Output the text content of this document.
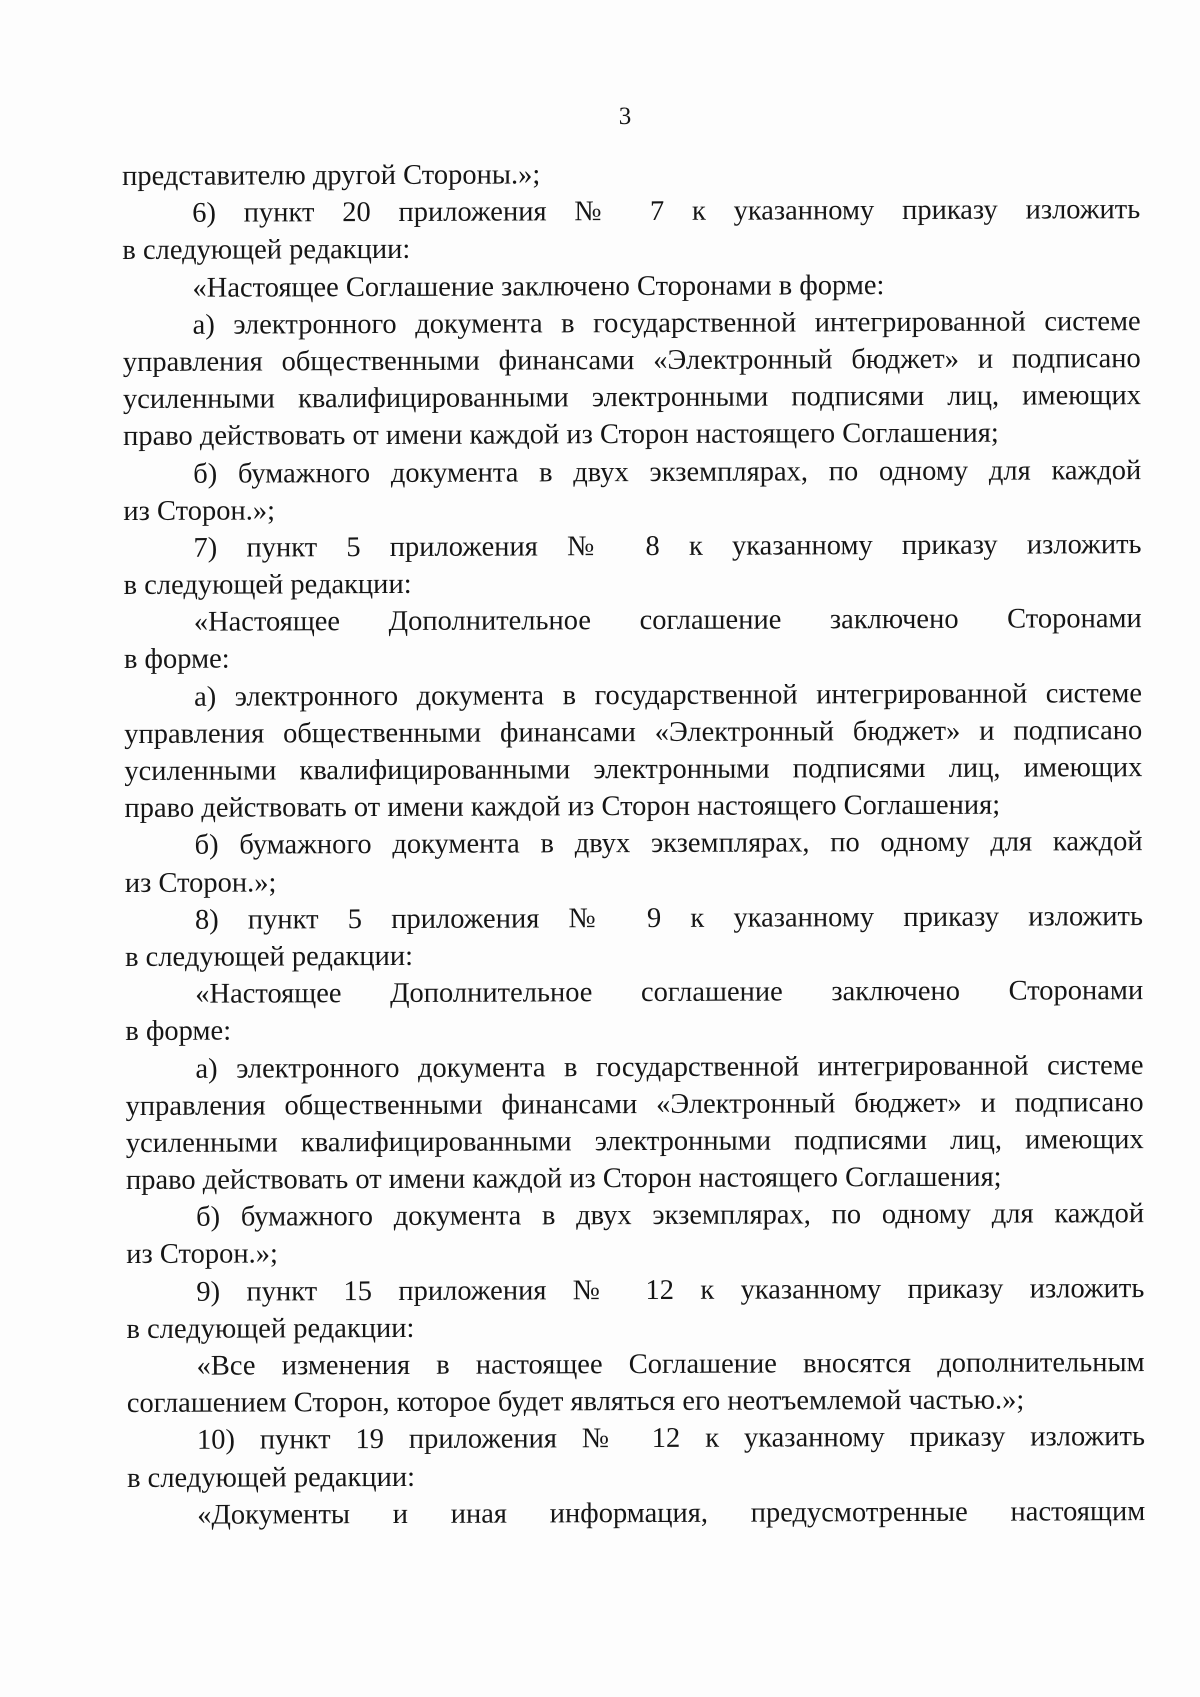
3
представителю другой Стороны.»;
6) пункт 20 приложения № 7 к указанному приказу изложить
в следующей редакции:
«Настоящее Соглашение заключено Сторонами в форме:
а) электронного документа в государственной интегрированной системе
управления общественными финансами «Электронный бюджет» и подписано
усиленными квалифицированными электронными подписями лиц, имеющих
право действовать от имени каждой из Сторон настоящего Соглашения;
б) бумажного документа в двух экземплярах, по одному для каждой
из Сторон.»;
7) пункт 5 приложения № 8 к указанному приказу изложить
в следующей редакции:
«Настоящее Дополнительное соглашение заключено Сторонами
в форме:
а) электронного документа в государственной интегрированной системе
управления общественными финансами «Электронный бюджет» и подписано
усиленными квалифицированными электронными подписями лиц, имеющих
право действовать от имени каждой из Сторон настоящего Соглашения;
б) бумажного документа в двух экземплярах, по одному для каждой
из Сторон.»;
8) пункт 5 приложения № 9 к указанному приказу изложить
в следующей редакции:
«Настоящее Дополнительное соглашение заключено Сторонами
в форме:
а) электронного документа в государственной интегрированной системе
управления общественными финансами «Электронный бюджет» и подписано
усиленными квалифицированными электронными подписями лиц, имеющих
право действовать от имени каждой из Сторон настоящего Соглашения;
б) бумажного документа в двух экземплярах, по одному для каждой
из Сторон.»;
9) пункт 15 приложения № 12 к указанному приказу изложить
в следующей редакции:
«Все изменения в настоящее Соглашение вносятся дополнительным
соглашением Сторон, которое будет являться его неотъемлемой частью.»;
10) пункт 19 приложения № 12 к указанному приказу изложить
в следующей редакции:
«Документы и иная информация, предусмотренные настоящим
